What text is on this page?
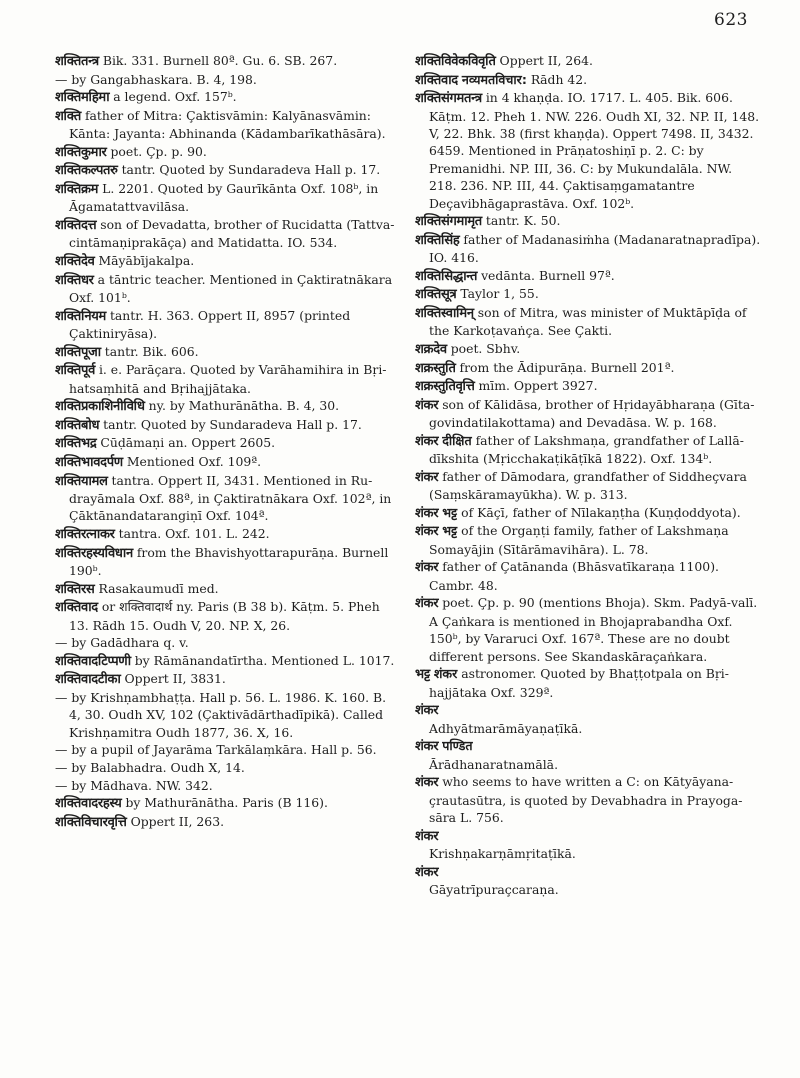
623

शक्तितन्त्र Bik. 331. Burnell 80ª. Gu. 6. SB. 267.

— by Gangabhaskara. B. 4, 198.

शक्तिमहिमा a legend. Oxf. 157ᵇ.

शक्ति father of Mitra: Çaktisvāmin: Kalyānasvāmin: Kānta: Jayanta: Abhinanda (Kādambarīkathāsāra).

शक्तिकुमार poet. Çp. p. 90.

शक्तिकल्पतरु tantr. Quoted by Sundaradeva Hall p. 17.

शक्तिक्रम L. 2201. Quoted by Gaurīkānta Oxf. 108ᵇ, in Āgamatattvavilāsa.

शक्तिदत्त son of Devadatta, brother of Rucidatta (Tattva-cintāmaṇiprakāça) and Matidatta. IO. 534.

शक्तिदेव Māyābījakalpa.

शक्तिधर a tāntric teacher. Mentioned in Çaktiratnākara Oxf. 101ᵇ.

शक्तिनियम tantr. H. 363. Oppert II, 8957 (printed Çaktiniryāsa).

शक्तिपूजा tantr. Bik. 606.

शक्तिपूर्व i. e. Parāçara. Quoted by Varāhamihira in Bṛi-hatsaṃhitā and Bṛihajjātaka.

शक्तिप्रकाशिनीविधि ny. by Mathurānātha. B. 4, 30.

शक्तिबोध tantr. Quoted by Sundaradeva Hall p. 17.

शक्तिभद्र Cūḍāmaṇi an. Oppert 2605.

शक्तिभावदर्पण Mentioned Oxf. 109ª.

शक्तियामल tantra. Oppert II, 3431. Mentioned in Ru-drayāmala Oxf. 88ª, in Çaktiratnākara Oxf. 102ª, in Çāktānandatarangiṇī Oxf. 104ª.

शक्तिरत्नाकर tantra. Oxf. 101. L. 242.

शक्तिरहस्यविधान from the Bhavishyottarapurāṇa. Burnell 190ᵇ.

शक्तिरस Rasakaumudī med.

शक्तिवाद or शक्तिवादार्थ ny. Paris (B 38 b). Kāṭm. 5. Pheh 13. Rādh 15. Oudh V, 20. NP. X, 26.

— by Gadādhara q. v.

शक्तिवादटिप्पणी by Rāmānandatīrtha. Mentioned L. 1017.

शक्तिवादटीका Oppert II, 3831.

— by Krishṇambhaṭṭa. Hall p. 56. L. 1986. K. 160. B. 4, 30. Oudh XV, 102 (Çaktivādārthadīpikā). Called Krishṇamitra Oudh 1877, 36. X, 16.

— by a pupil of Jayarāma Tarkālaṃkāra. Hall p. 56.

— by Balabhadra. Oudh X, 14.

— by Mādhava. NW. 342.

शक्तिवादरहस्य by Mathurānātha. Paris (B 116).

शक्तिविचारवृत्ति Oppert II, 263.

शक्तिविवेकविवृति Oppert II, 264.

शक्तिवाद नव्यमतविचार: Rādh 42.

शक्तिसंगमतन्त्र in 4 khaṇḍa. IO. 1717. L. 405. Bik. 606. Kāṭm. 12. Pheh 1. NW. 226. Oudh XI, 32. NP. II, 148. V, 22. Bhk. 38 (first khaṇḍa). Oppert 7498. II, 3432. 6459. Mentioned in Prāṇatoshiṇī p. 2. C: by Premanidhi. NP. III, 36. C: by Mukundalāla. NW. 218. 236. NP. III, 44. Çaktisaṃgamatantre Deçavibhāgaprastāva. Oxf. 102ᵇ.

शक्तिसंगमामृत tantr. K. 50.

शक्तिसिंह father of Madanasiṁha (Madanaratnapradīpa). IO. 416.

शक्तिसिद्धान्त vedānta. Burnell 97ª.

शक्तिसूत्र Taylor 1, 55.

शक्तिस्वामिन् son of Mitra, was minister of Muktāpīḍa of the Karkoṭavaṅça. See Çakti.

शक्रदेव poet. Sbhv.

शक्रस्तुति from the Ādipurāṇa. Burnell 201ª.

शक्रस्तुतिवृत्ति mīm. Oppert 3927.

शंकर son of Kālidāsa, brother of Hṛidayābharaṇa (Gīta-govindatilakottama) and Devadāsa. W. p. 168.

शंकर दीक्षित father of Lakshmaṇa, grandfather of Lallā-dīkshita (Mṛicchakaṭikāṭīkā 1822). Oxf. 134ᵇ.

शंकर father of Dāmodara, grandfather of Siddheçvara (Saṃskāramayūkha). W. p. 313.

शंकर भट्ट of Kāçī, father of Nīlakaṇṭha (Kuṇḍoddyota).

शंकर भट्ट of the Orgaṇṭi family, father of Lakshmaṇa Somayājin (Sītārāmavihāra). L. 78.

शंकर father of Çatānanda (Bhāsvatīkaraṇa 1100). Cambr. 48.

शंकर poet. Çp. p. 90 (mentions Bhoja). Skm. Padyā-valī. A Çaṅkara is mentioned in Bhojaprabandha Oxf. 150ᵇ, by Vararuci Oxf. 167ª. These are no doubt different persons. See Skandaskāraçaṅkara.

भट्ट शंकर astronomer. Quoted by Bhaṭṭotpala on Bṛi-hajjātaka Oxf. 329ª.

शंकर
Adhyātmarāmāyaṇaṭīkā.

शंकर पण्डित
Ārādhanaratnamālā.

शंकर who seems to have written a C: on Kātyāyana-çrautasūtra, is quoted by Devabhadra in Prayoga-sāra L. 756.

शंकर
Krishṇakarṇāmṛitaṭīkā.

शंकर
Gāyatrīpuraçcaraṇa.
